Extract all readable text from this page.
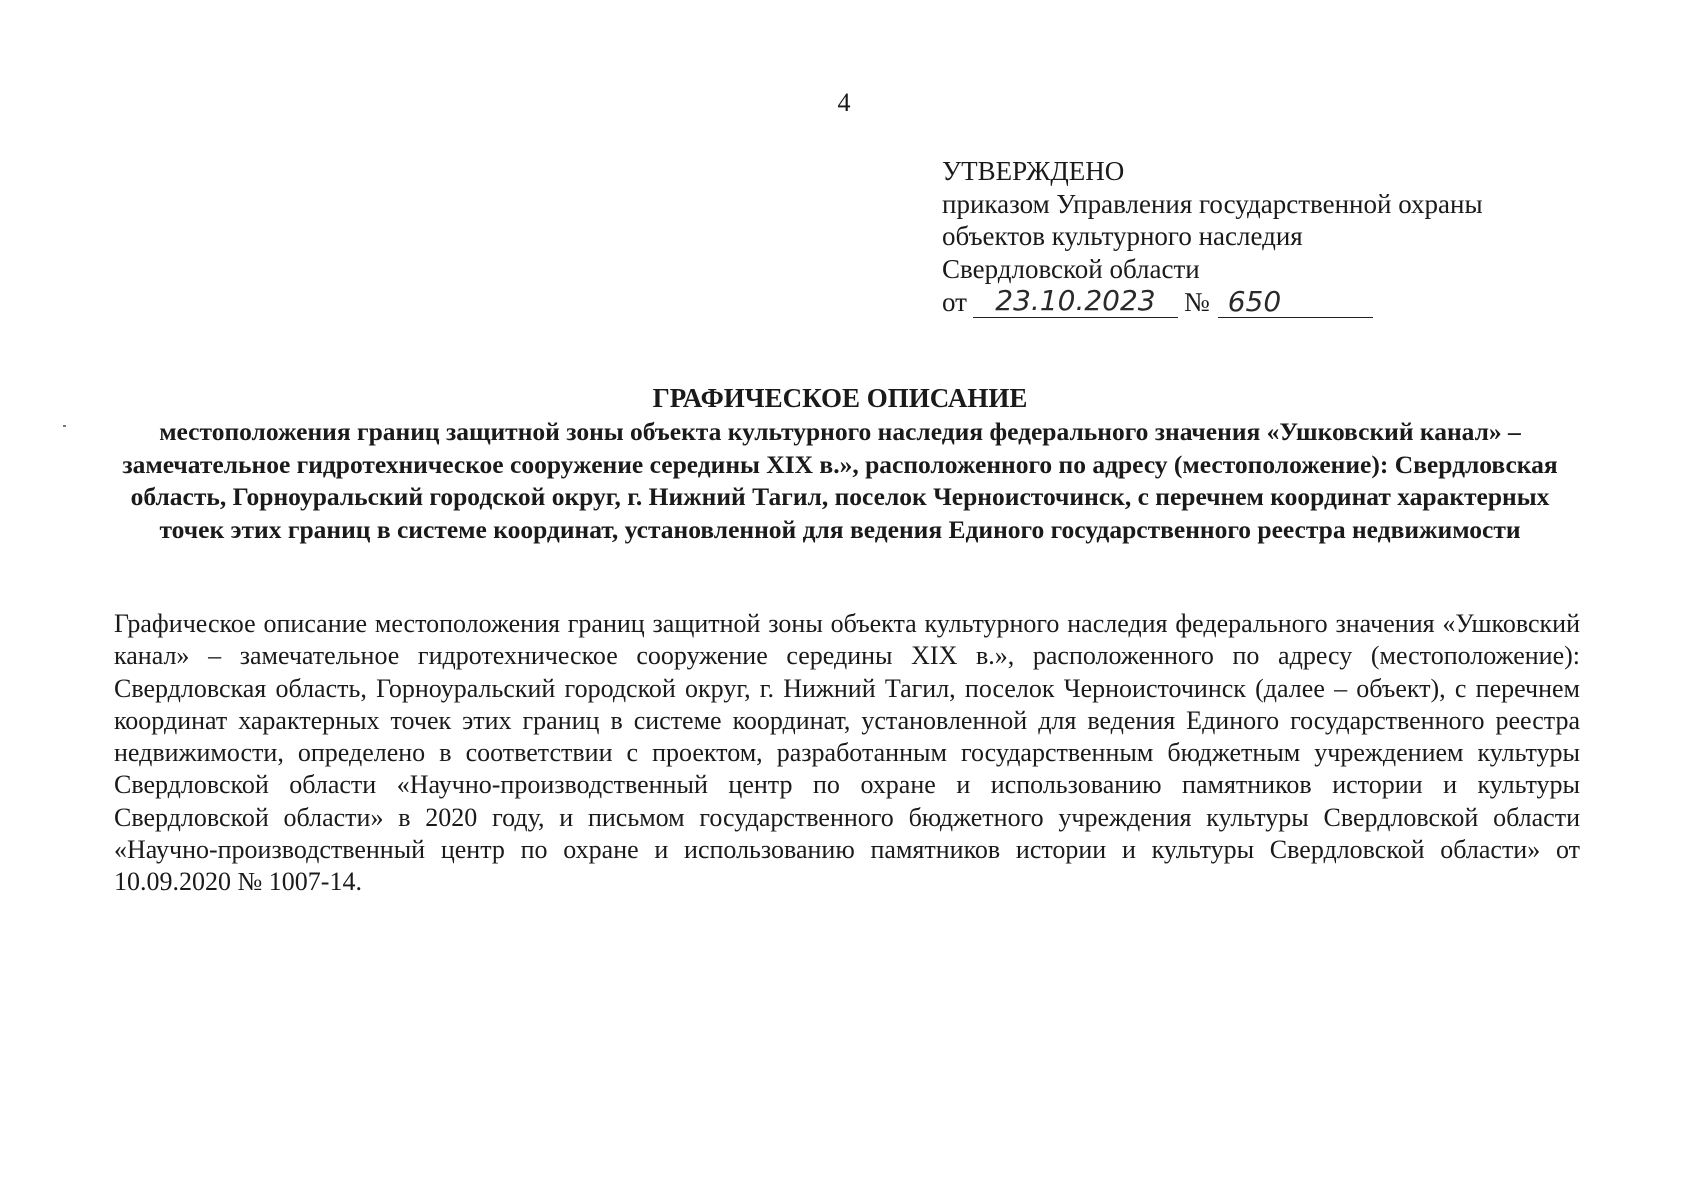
4
УТВЕРЖДЕНО
приказом Управления государственной охраны
объектов культурного наследия
Свердловской области
от	23.10.2023	№ 650
ГРАФИЧЕСКОЕ ОПИСАНИЕ
местоположения границ защитной зоны объекта культурного наследия федерального значения «Ушковский канал» – замечательное гидротехническое сооружение середины XIX в.», расположенного по адресу (местоположение): Свердловская область, Горноуральский городской округ, г. Нижний Тагил, поселок Черноисточинск, с перечнем координат характерных точек этих границ в системе координат, установленной для ведения Единого государственного реестра недвижимости
Графическое описание местоположения границ защитной зоны объекта культурного наследия федерального значения «Ушковский канал» – замечательное гидротехническое сооружение середины XIX в.», расположенного по адресу (местоположение): Свердловская область, Горноуральский городской округ, г. Нижний Тагил, поселок Черноисточинск (далее – объект), с перечнем координат характерных точек этих границ в системе координат, установленной для ведения Единого государственного реестра недвижимости, определено в соответствии с проектом, разработанным государственным бюджетным учреждением культуры Свердловской области «Научно-производственный центр по охране и использованию памятников истории и культуры Свердловской области» в 2020 году, и письмом государственного бюджетного учреждения культуры Свердловской области «Научно-производственный центр по охране и использованию памятников истории и культуры Свердловской области» от 10.09.2020 № 1007-14.
